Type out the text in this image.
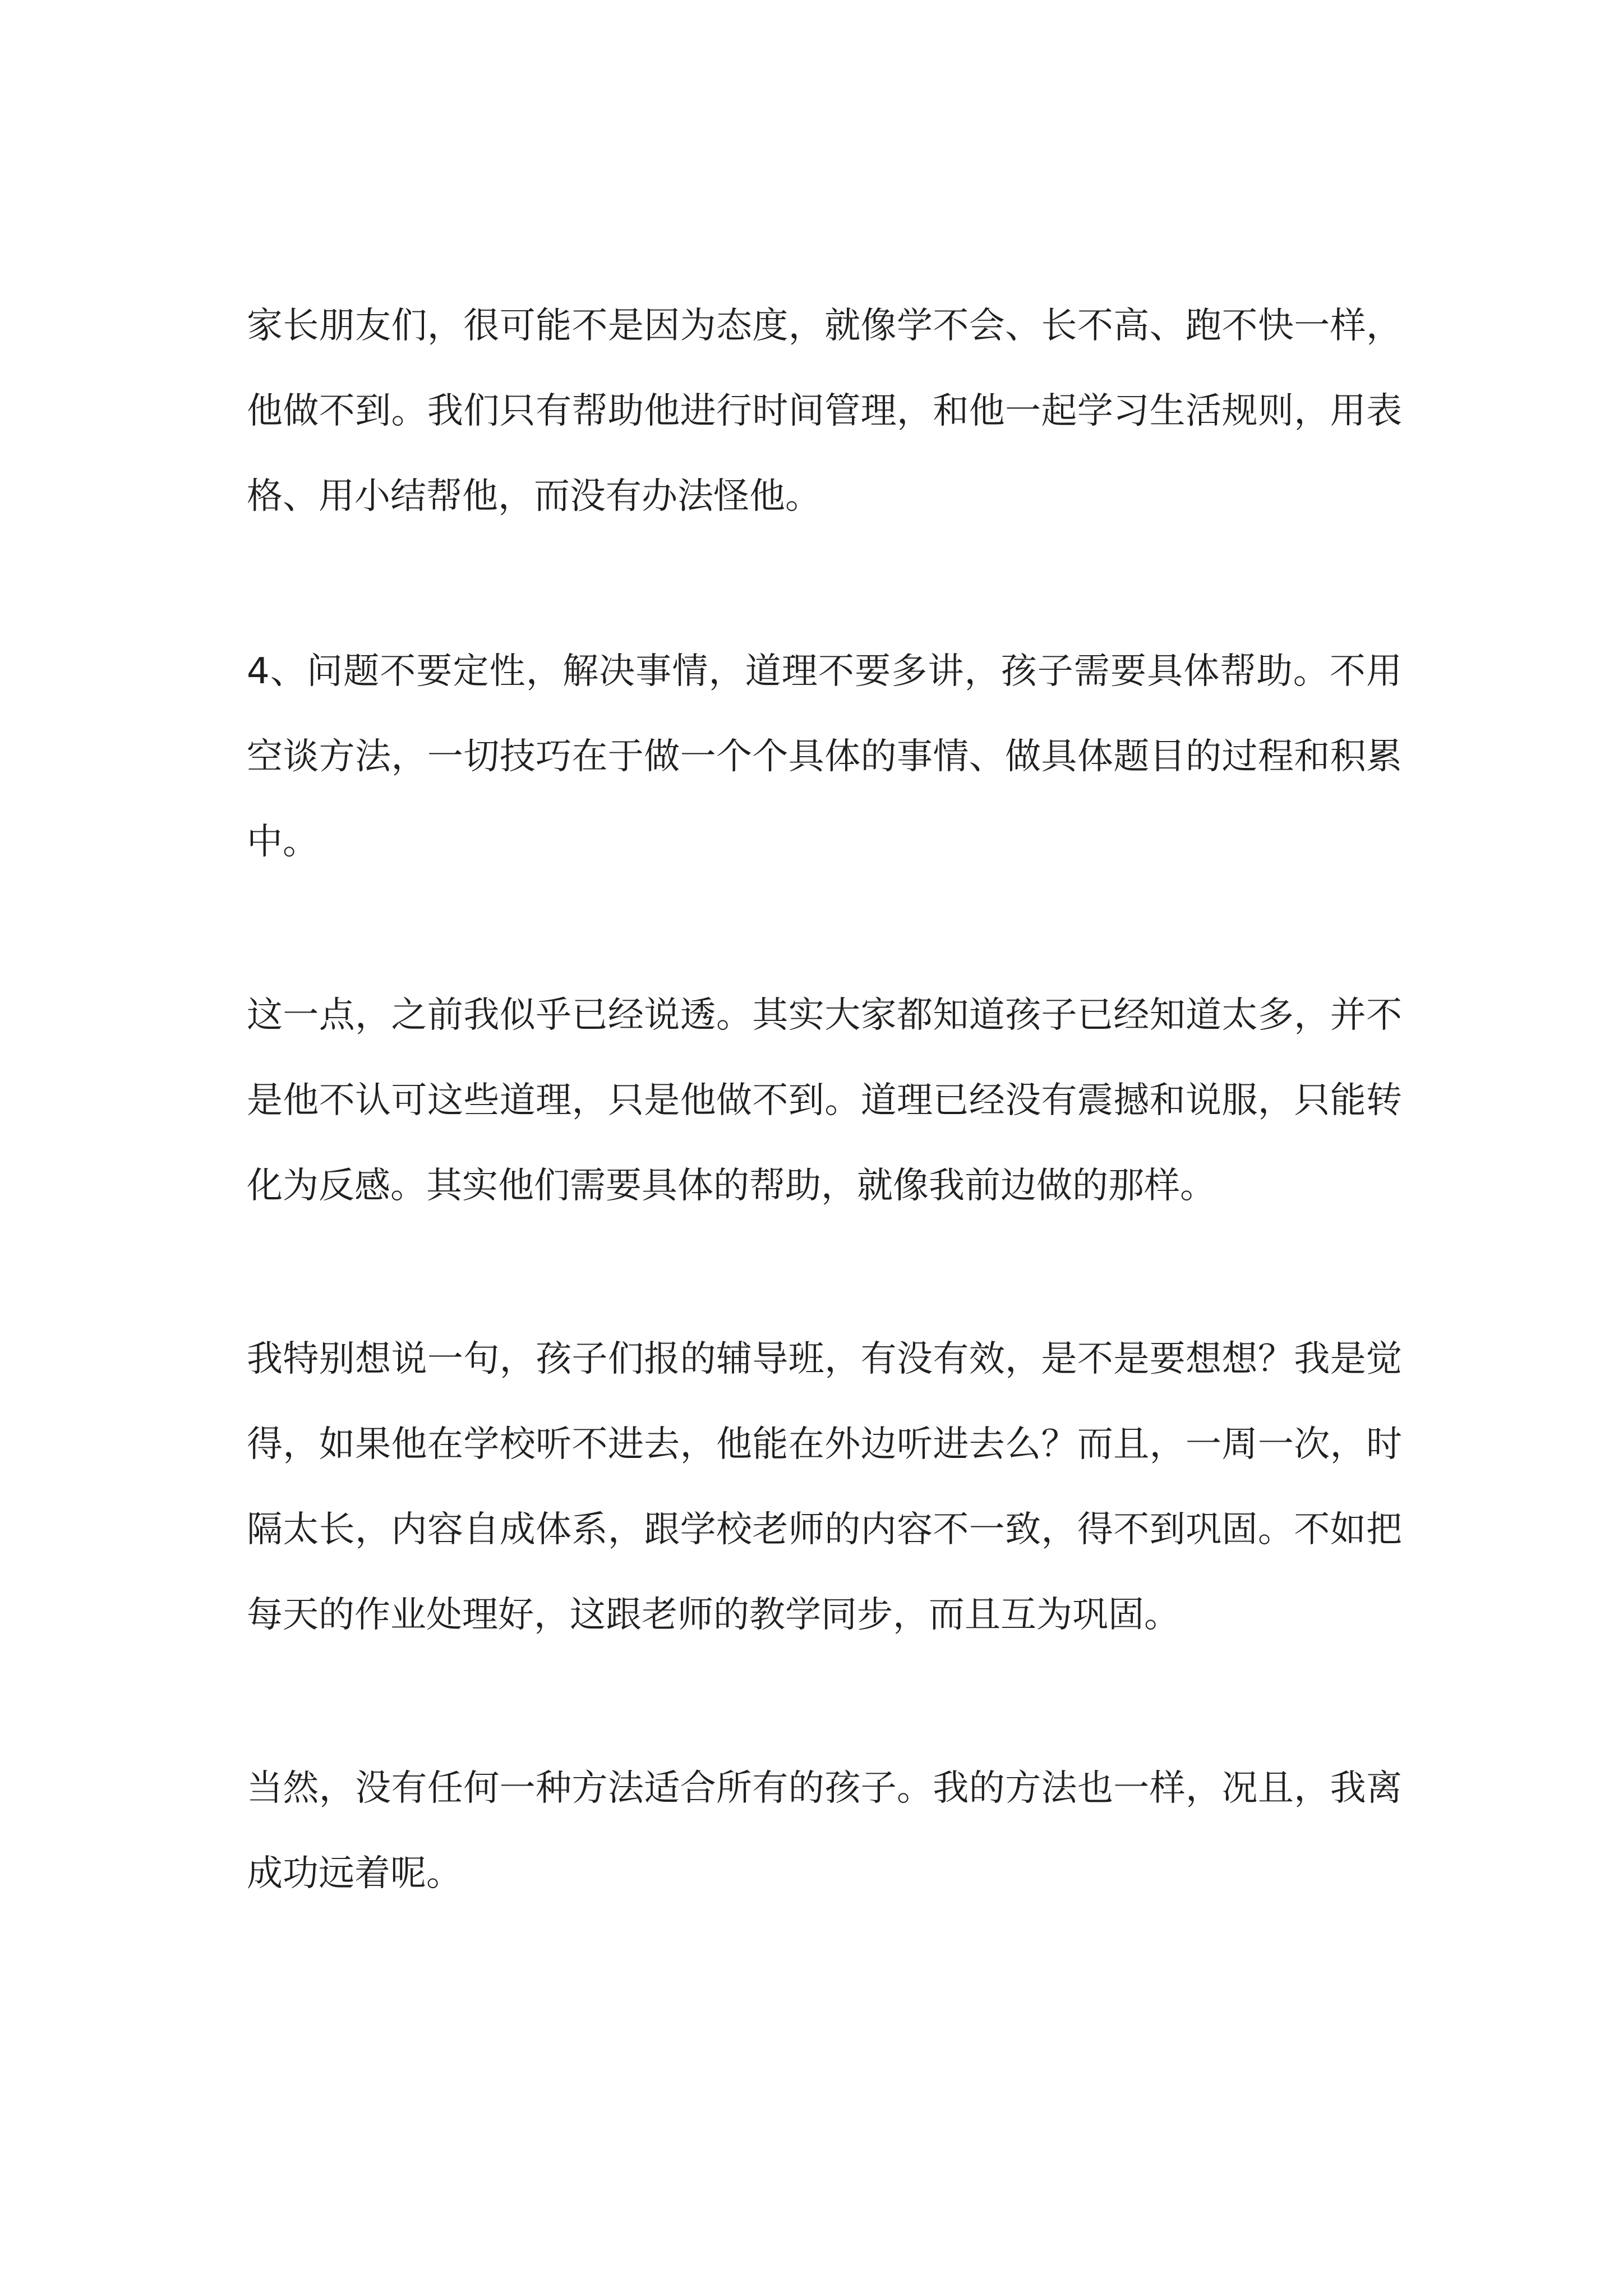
家长朋友们，很可能不是因为态度，就像学不会、长不高、跑不快一样，他做不到。我们只有帮助他进行时间管理，和他一起学习生活规则，用表格、用小结帮他，而没有办法怪他。

4、问题不要定性，解决事情，道理不要多讲，孩子需要具体帮助。不用空谈方法，一切技巧在于做一个个具体的事情、做具体题目的过程和积累中。

这一点，之前我似乎已经说透。其实大家都知道孩子已经知道太多，并不是他不认可这些道理，只是他做不到。道理已经没有震撼和说服，只能转化为反感。其实他们需要具体的帮助，就像我前边做的那样。

我特别想说一句，孩子们报的辅导班，有没有效，是不是要想想？我是觉得，如果他在学校听不进去，他能在外边听进去么？而且，一周一次，时隔太长，内容自成体系，跟学校老师的内容不一致，得不到巩固。不如把每天的作业处理好，这跟老师的教学同步，而且互为巩固。

当然，没有任何一种方法适合所有的孩子。我的方法也一样，况且，我离成功远着呢。
